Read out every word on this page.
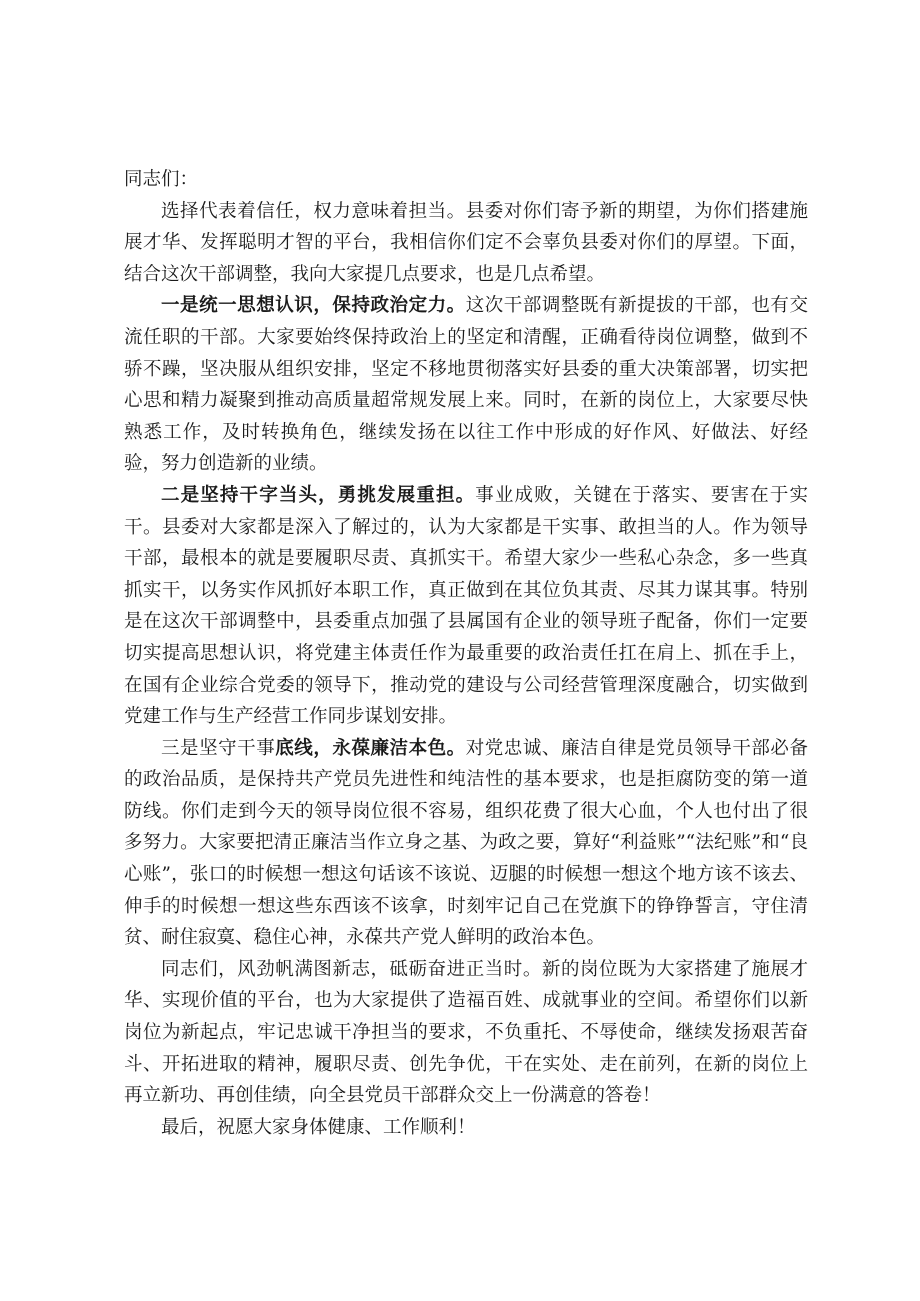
同志们：

选择代表着信任，权力意味着担当。县委对你们寄予新的期望，为你们搭建施展才华、发挥聪明才智的平台，我相信你们定不会辜负县委对你们的厚望。下面，结合这次干部调整，我向大家提几点要求，也是几点希望。

一是统一思想认识，保持政治定力。这次干部调整既有新提拔的干部，也有交流任职的干部。大家要始终保持政治上的坚定和清醒，正确看待岗位调整，做到不骄不躁，坚决服从组织安排，坚定不移地贯彻落实好县委的重大决策部署，切实把心思和精力凝聚到推动高质量超常规发展上来。同时，在新的岗位上，大家要尽快熟悉工作，及时转换角色，继续发扬在以往工作中形成的好作风、好做法、好经验，努力创造新的业绩。

二是坚持干字当头，勇挑发展重担。事业成败，关键在于落实、要害在于实干。县委对大家都是深入了解过的，认为大家都是干实事、敢担当的人。作为领导干部，最根本的就是要履职尽责、真抓实干。希望大家少一些私心杂念，多一些真抓实干，以务实作风抓好本职工作，真正做到在其位负其责、尽其力谋其事。特别是在这次干部调整中，县委重点加强了县属国有企业的领导班子配备，你们一定要切实提高思想认识，将党建主体责任作为最重要的政治责任扛在肩上、抓在手上，在国有企业综合党委的领导下，推动党的建设与公司经营管理深度融合，切实做到党建工作与生产经营工作同步谋划安排。

三是坚守干事底线，永葆廉洁本色。对党忠诚、廉洁自律是党员领导干部必备的政治品质，是保持共产党员先进性和纯洁性的基本要求，也是拒腐防变的第一道防线。你们走到今天的领导岗位很不容易，组织花费了很大心血，个人也付出了很多努力。大家要把清正廉洁当作立身之基、为政之要，算好“利益账”“法纪账”和“良心账”，张口的时候想一想这句话该不该说、迈腿的时候想一想这个地方该不该去、伸手的时候想一想这些东西该不该拿，时刻牢记自己在党旗下的铮铮誓言，守住清贫、耐住寂寞、稳住心神，永葆共产党人鲜明的政治本色。

同志们，风劲帆满图新志，砥砺奋进正当时。新的岗位既为大家搭建了施展才华、实现价值的平台，也为大家提供了造福百姓、成就事业的空间。希望你们以新岗位为新起点，牢记忠诚干净担当的要求，不负重托、不辱使命，继续发扬艰苦奋斗、开拓进取的精神，履职尽责、创先争优，干在实处、走在前列，在新的岗位上再立新功、再创佳绩，向全县党员干部群众交上一份满意的答卷！

最后，祝愿大家身体健康、工作顺利！
